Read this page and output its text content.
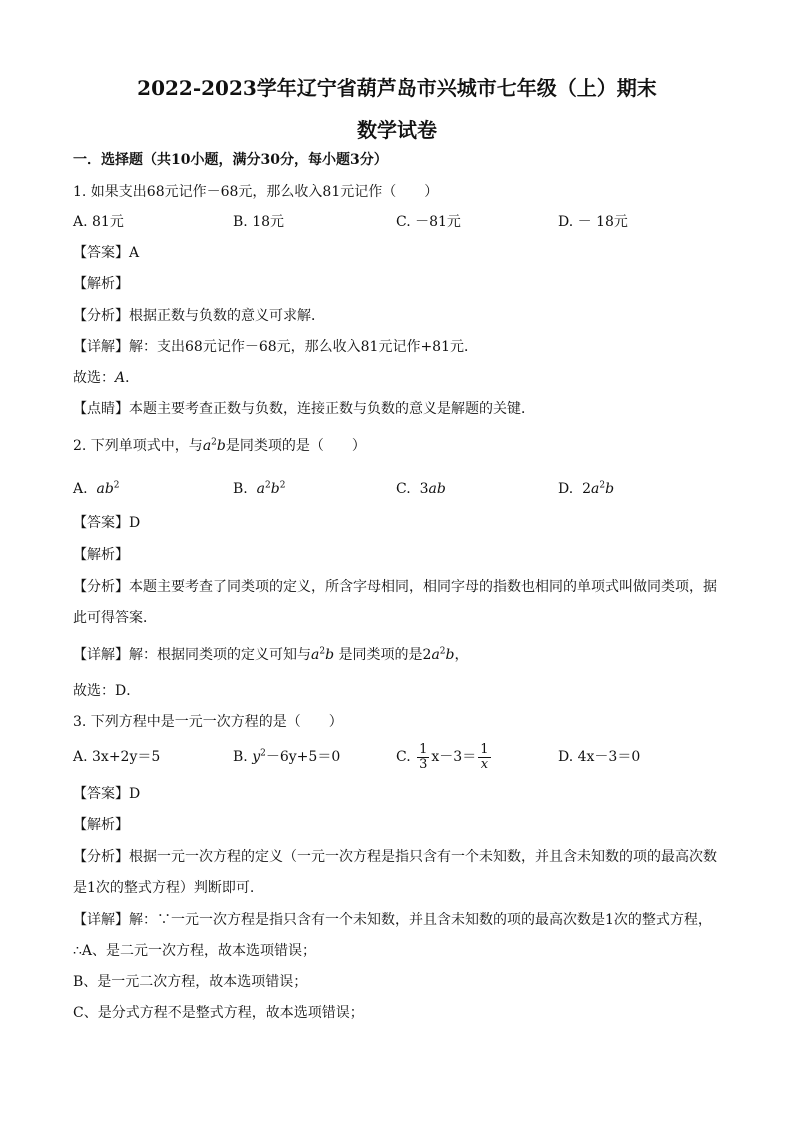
2022-2023学年辽宁省葫芦岛市兴城市七年级（上）期末
数学试卷
一．选择题（共10小题，满分30分，每小题3分）
1. 如果支出68元记作－68元，那么收入81元记作（　　）
A. 81元	B. 18元	C. －81元	D. － 18元
【答案】A
【解析】
【分析】根据正数与负数的意义可求解．
【详解】解：支出68元记作－68元，那么收入81元记作+81元．
故选：A．
【点睛】本题主要考查正数与负数，连接正数与负数的意义是解题的关键．
2. 下列单项式中，与$a^2b$是同类项的是（　　）
A. $ab^2$	B. $a^2b^2$	C.  3ab	D.  $2a^2b$
【答案】D
【解析】
【分析】本题主要考查了同类项的定义，所含字母相同，相同字母的指数也相同的单项式叫做同类项，据
此可得答案．
【详解】解：根据同类项的定义可知与$a^2b$ 是同类项的是$2a^2b$，
故选：D．
3. 下列方程中是一元一次方程的是（　　）
A. 3x+2y＝5	B. $y^2-6y+5=0$	C. $\frac{1}{3} x-3= \frac{1}{x}$	D. 4x－3＝0
【答案】D
【解析】
【分析】根据一元一次方程的定义（一元一次方程是指只含有一个未知数，并且含未知数的项的最高次数
是1次的整式方程）判断即可.
【详解】解：∵一元一次方程是指只含有一个未知数，并且含未知数的项的最高次数是1次的整式方程，
∴A、是二元一次方程，故本选项错误；
B、是一元二次方程，故本选项错误；
C、是分式方程不是整式方程，故本选项错误；
